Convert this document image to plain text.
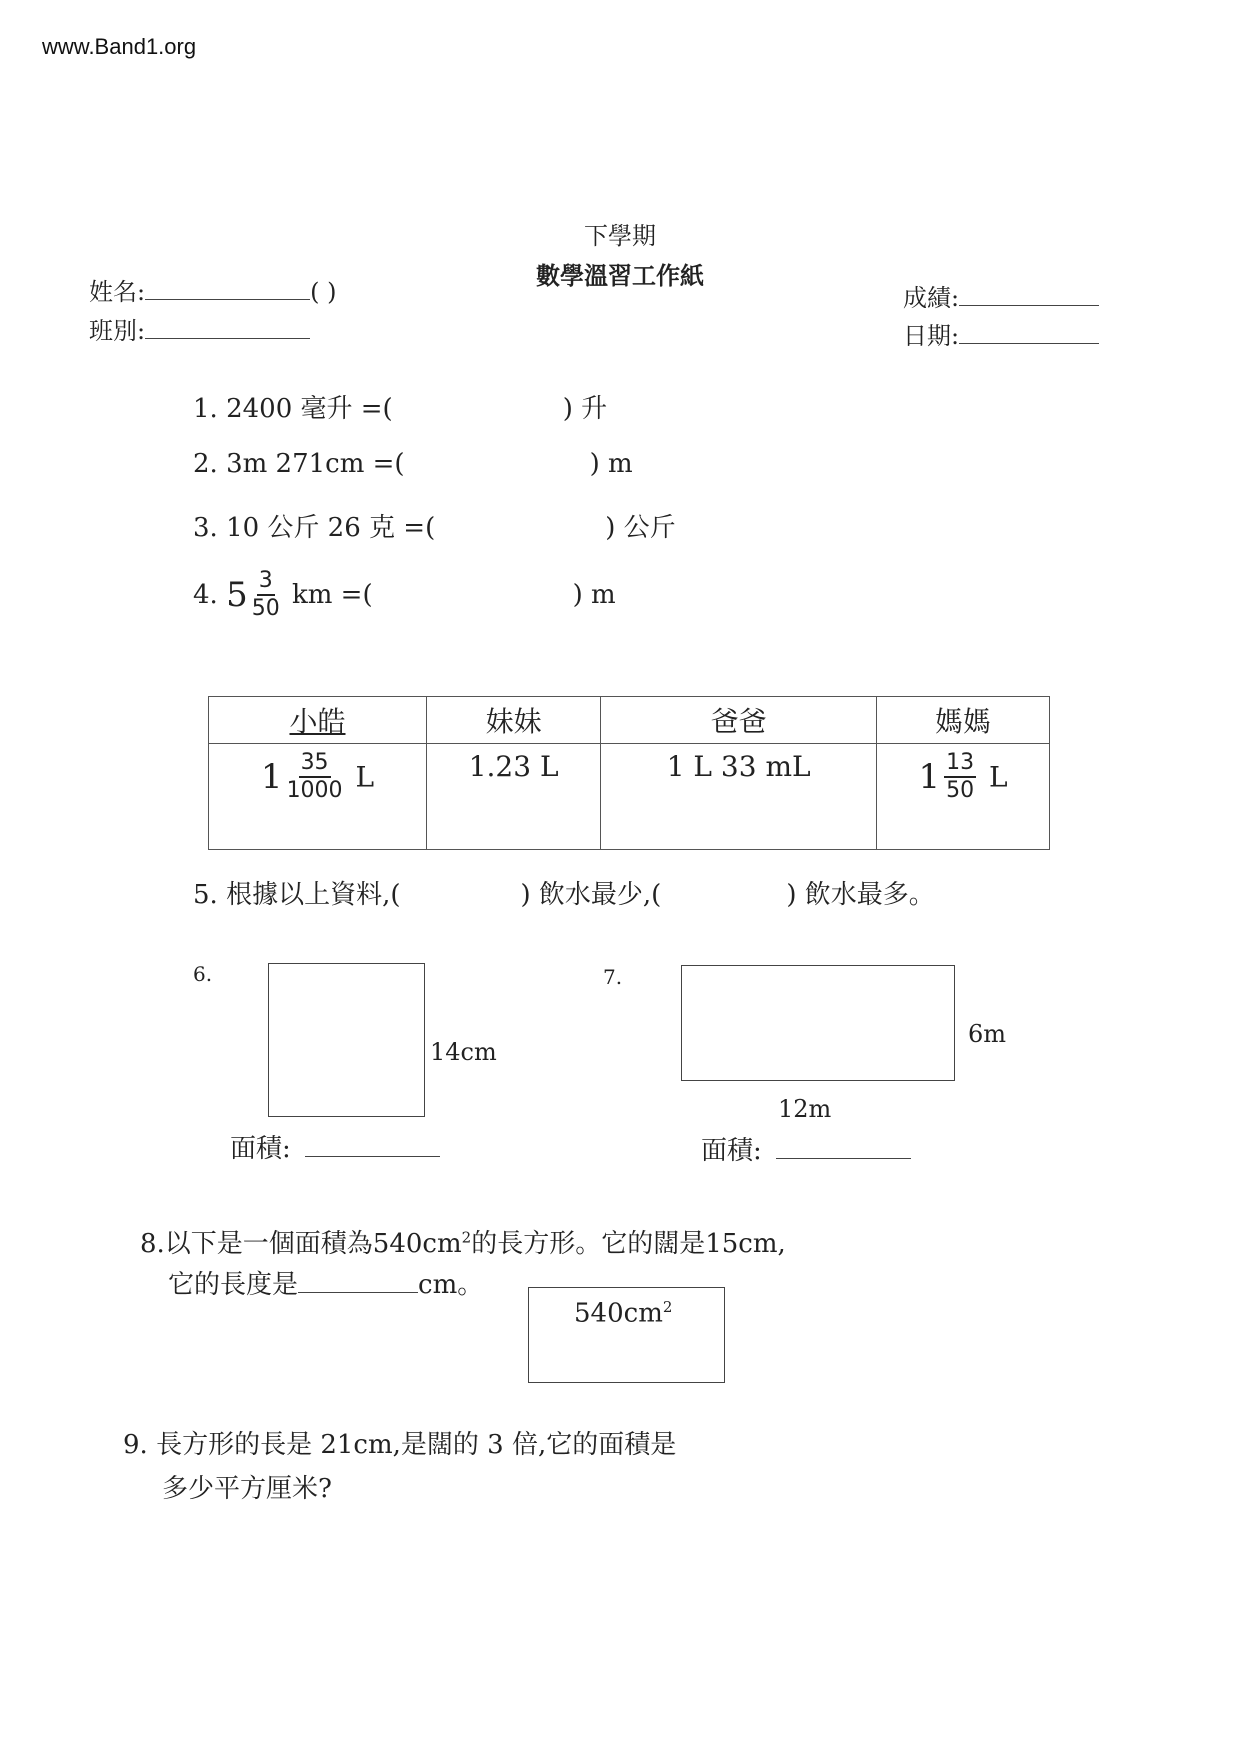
www.Band1.org
下學期
數學溫習工作紙
姓名:	( )
班別:
成績:
日期:
1. 2400 毫升 =(	) 升
2. 3m 271cm =(	) m
3. 10 公斤 26 克 =(	) 公斤
4.
$5 \frac{3}{50}$
km =(	) m
小皓	妹妹	爸爸	媽媽
$1 \frac{35}{1000}$ L	1.23 L	1 L 33 mL	$1 \frac{13}{50}$ L
5. 根據以上資料,(	) 飲水最少,(	) 飲水最多。
6.
14cm
面積:
7.
6m
12m
面積:
8.以下是一個面積為$540cm^2$的長方形。它的闊是15cm,
它的長度是	cm。
$540cm^2$
9. 長方形的長是 21cm,是闊的 3 倍,它的面積是
多少平方厘米?
